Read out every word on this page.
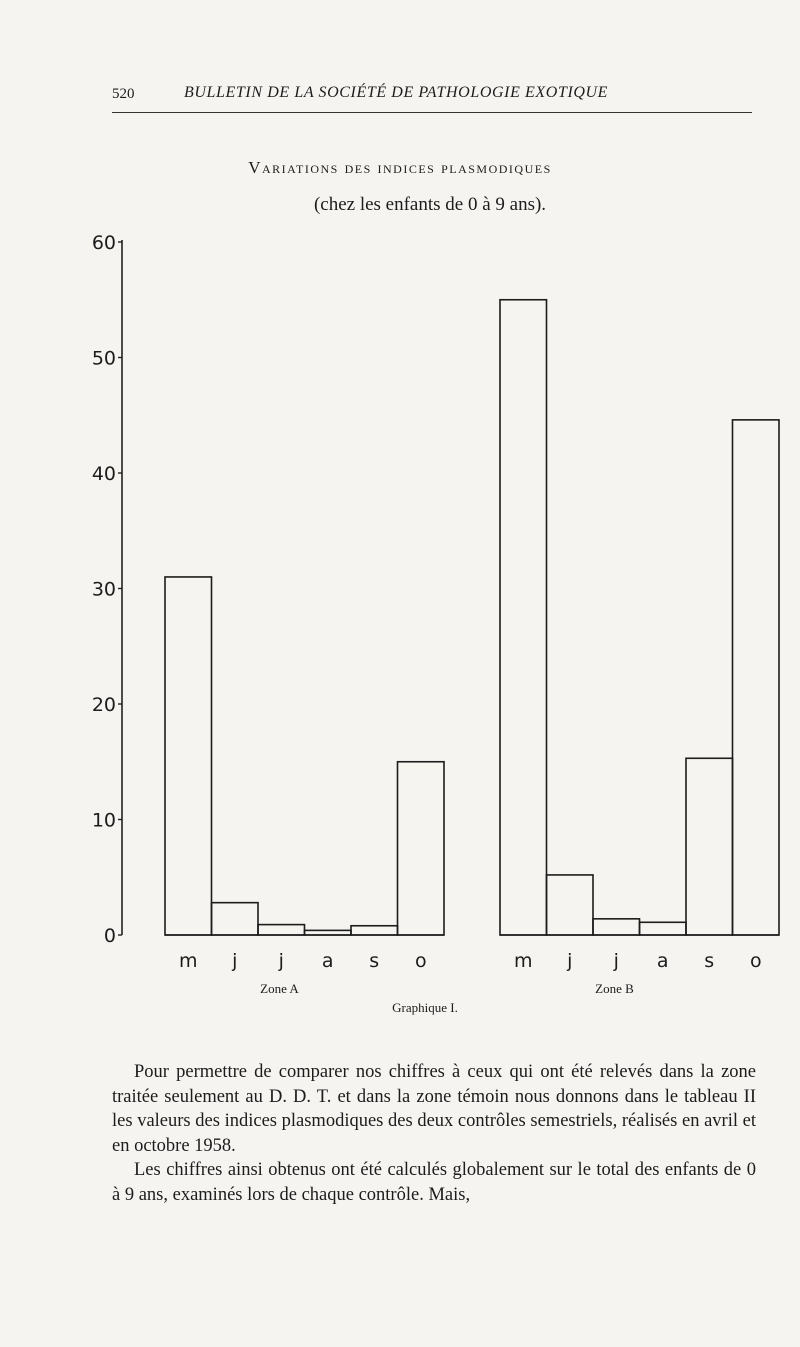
520	BULLETIN DE LA SOCIÉTÉ DE PATHOLOGIE EXOTIQUE
Variations des indices plasmodiques
(chez les enfants de 0 à 9 ans).
0
10
20
30
40
50
60
m j j a s o
Zone A
m j j a s o
Zone B
Graphique I.

Pour permettre de comparer nos chiffres à ceux qui ont été relevés dans la zone traitée seulement au D. D. T. et dans la zone témoin nous donnons dans le tableau II les valeurs des indices plasmodiques des deux contrôles semestriels, réalisés en avril et en octobre 1958.

Les chiffres ainsi obtenus ont été calculés globalement sur le total des enfants de 0 à 9 ans, examinés lors de chaque contrôle. Mais,
